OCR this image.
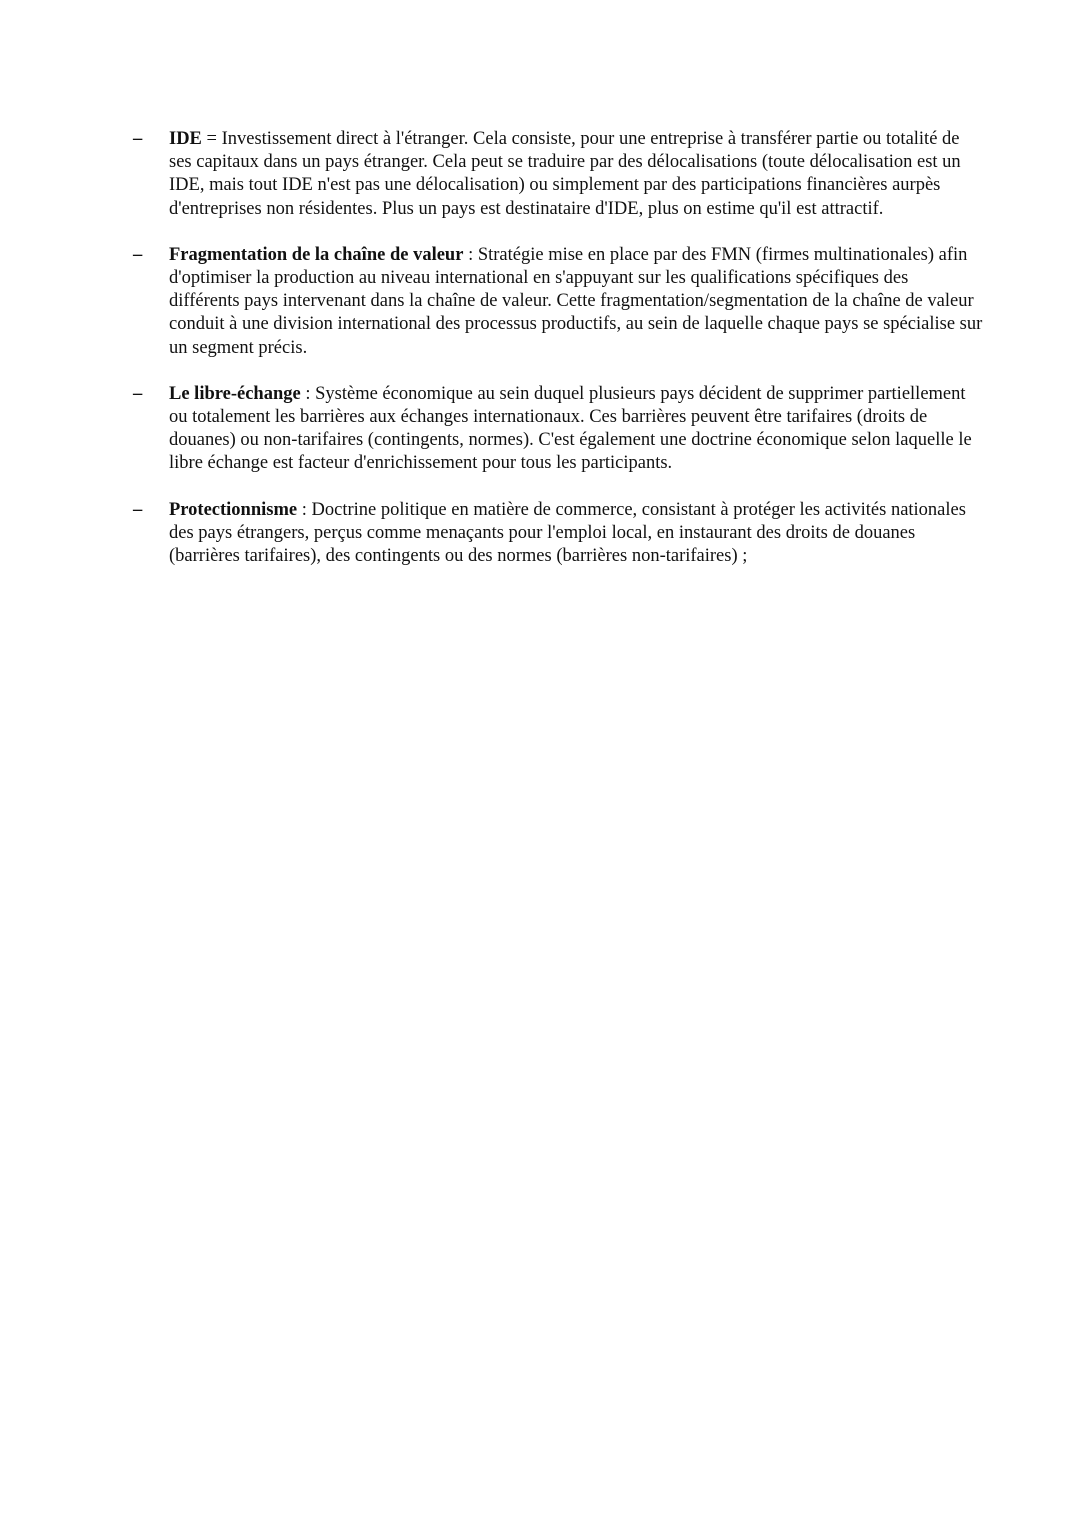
–	IDE = Investissement direct à l'étranger. Cela consiste, pour une entreprise à transférer partie ou totalité de ses capitaux dans un pays étranger. Cela peut se traduire par des délocalisations (toute délocalisation est un IDE, mais tout IDE n'est pas une délocalisation) ou simplement par des participations financières aurpès d'entreprises non résidentes. Plus un pays est destinataire d'IDE, plus on estime qu'il est attractif.
–	Fragmentation de la chaîne de valeur : Stratégie mise en place par des FMN (firmes multinationales) afin d'optimiser la production au niveau international en s'appuyant sur les qualifications spécifiques des différents pays intervenant dans la chaîne de valeur. Cette fragmentation/segmentation de la chaîne de valeur conduit à une division international des processus productifs, au sein de laquelle chaque pays se spécialise sur un segment précis.
–	Le libre-échange : Système économique au sein duquel plusieurs pays décident de supprimer partiellement ou totalement les barrières aux échanges internationaux. Ces barrières peuvent être tarifaires (droits de douanes) ou non-tarifaires (contingents, normes). C'est également une doctrine économique selon laquelle le libre échange est facteur d'enrichissement pour tous les participants.
–	Protectionnisme : Doctrine politique en matière de commerce, consistant à protéger les activités nationales des pays étrangers, perçus comme menaçants pour l'emploi local, en instaurant des droits de douanes (barrières tarifaires), des contingents ou des normes (barrières non-tarifaires) ;
